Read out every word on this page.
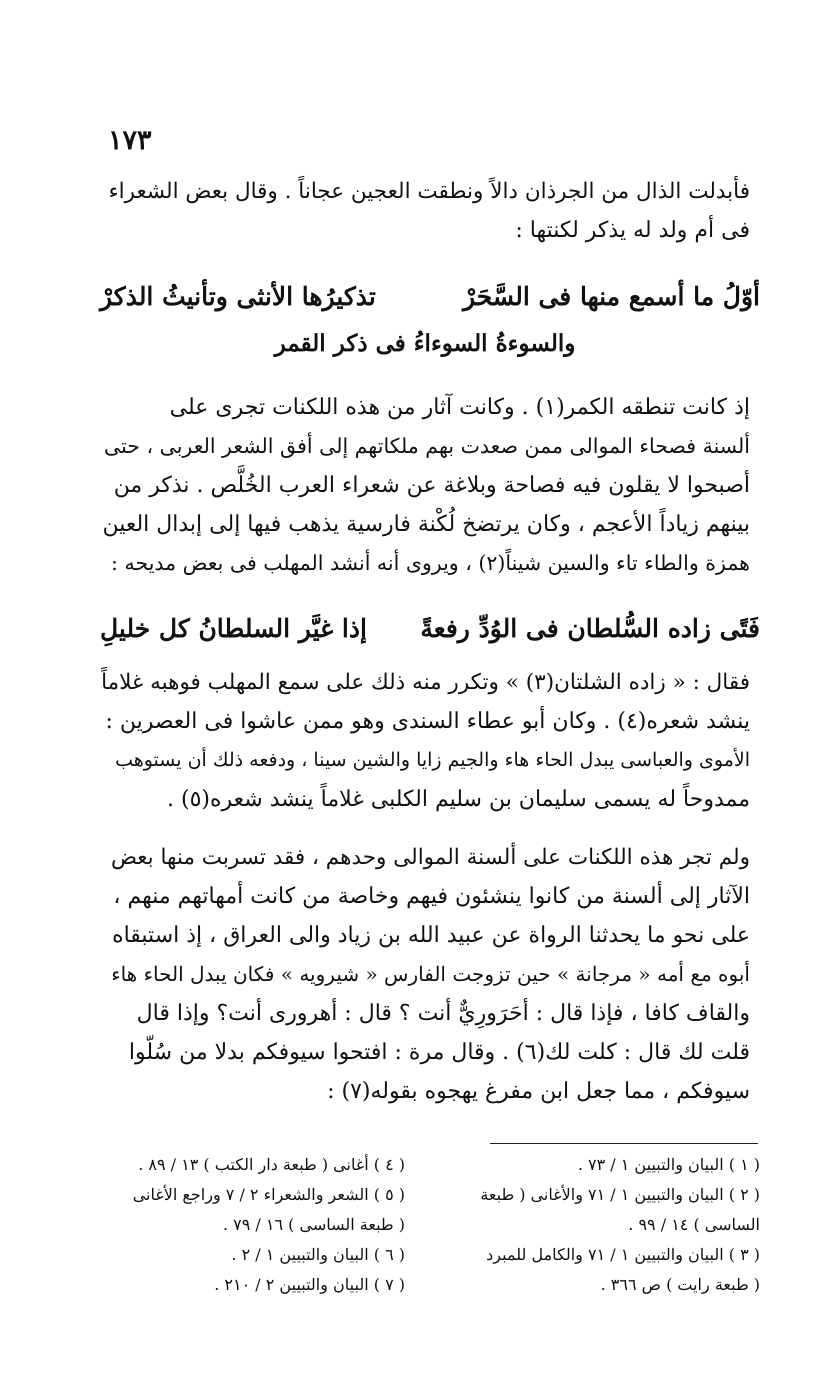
١٧٣
فأبدلت الذال من الجرذان دالاً ونطقت العجين عجاناً . وقال بعض الشعراء
فى أم ولد له يذكر لكنتها :
أوّلُ ما أسمع منها فى السَّحَرْ
تذكيرُها الأنثى وتأنيثُ الذكرْ
والسوءةُ السوءاءُ فى ذكر القمر
إذ كانت تنطقه الكمر(١) . وكانت آثار من هذه اللكنات تجرى على
ألسنة فصحاء الموالى ممن صعدت بهم ملكاتهم إلى أفق الشعر العربى ، حتى
أصبحوا لا يقلون فيه فصاحة وبلاغة عن شعراء العرب الخُلَّص . نذكر من
بينهم زياداً الأعجم ، وكان يرتضخ لُكْنة فارسية يذهب فيها إلى إبدال العين
همزة والطاء تاء والسين شيناً(٢) ، ويروى أنه أنشد المهلب فى بعض مديحه :
فَتًى زاده السُّلطان فى الوُدِّ رفعةً
إذا غيَّر السلطانُ كل خليلِ
فقال : « زاده الشلتان(٣) » وتكرر منه ذلك على سمع المهلب فوهبه غلاماً
ينشد شعره(٤) . وكان أبو عطاء السندى وهو ممن عاشوا فى العصرين :
الأموى والعباسى يبدل الحاء هاء والجيم زايا والشين سينا ، ودفعه ذلك أن يستوهب
ممدوحاً له يسمى سليمان بن سليم الكلبى غلاماً ينشد شعره(٥) .
ولم تجر هذه اللكنات على ألسنة الموالى وحدهم ، فقد تسربت منها بعض
الآثار إلى ألسنة من كانوا ينشئون فيهم وخاصة من كانت أمهاتهم منهم ،
على نحو ما يحدثنا الرواة عن عبيد الله بن زياد والى العراق ، إذ استبقاه
أبوه مع أمه « مرجانة » حين تزوجت الفارس « شيرويه » فكان يبدل الحاء هاء
والقاف كافا ، فإذا قال : أحَرَورِيٌّ أنت ؟ قال : أهرورى أنت؟ وإذا قال
قلت لك قال : كلت لك(٦) . وقال مرة : افتحوا سيوفكم بدلا من سُلّوا
سيوفكم ، مما جعل ابن مفرغ يهجوه بقوله(٧) :
( ١ ) البيان والتبيين ١ / ٧٣ .
( ٢ ) البيان والتبيين ١ / ٧١ والأغانى ( طبعة
الساسى ) ١٤ / ٩٩ .
( ٣ ) البيان والتبيين ١ / ٧١ والكامل للمبرد
( طبعة رايت ) ص ٣٦٦ .
( ٤ ) أغانى ( طبعة دار الكتب ) ١٣ / ٨٩ .
( ٥ ) الشعر والشعراء ٢ / ٧ وراجع الأغانى
( طبعة الساسى ) ١٦ / ٧٩ .
( ٦ ) البيان والتبيين ١ / ٢ .
( ٧ ) البيان والتبيين ٢ / ٢١٠ .
